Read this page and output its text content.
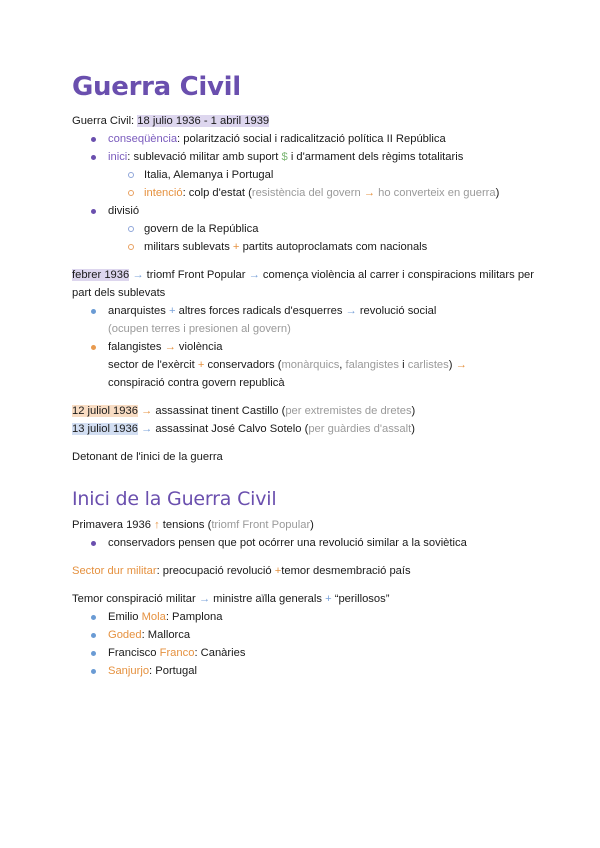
Guerra Civil

Guerra Civil: 18 julio 1936 - 1 abril 1939

conseqüència: polarització social i radicalització política II República
inici: sublevació militar amb suport $ i d'armament dels règims totalitaris
Italia, Alemanya i Portugal
intenció: colp d'estat (resistència del govern → ho converteix en guerra)
divisió
govern de la República
militars sublevats + partits autoproclamats com nacionals

febrer 1936 → triomf Front Popular → comença violència al carrer i conspiracions militars per part dels sublevats

anarquistes + altres forces radicals d'esquerres → revolució social
(ocupen terres i presionen al govern)
falangistes → violència
sector de l'exèrcit + conservadors (monàrquics, falangistes i carlistes) →
conspiració contra govern republicà

12 juliol 1936 → assassinat tinent Castillo (per extremistes de dretes)

13 juliol 1936 → assassinat José Calvo Sotelo (per guàrdies d'assalt)

Detonant de l'inici de la guerra

Inici de la Guerra Civil

Primavera 1936 ↑ tensions (triomf Front Popular)

conservadors pensen que pot ocórrer una revolució similar a la soviètica

Sector dur militar: preocupació revolució +temor desmembració país

Temor conspiració militar → ministre aïlla generals + “perillosos”

Emilio Mola: Pamplona
Goded: Mallorca
Francisco Franco: Canàries
Sanjurjo: Portugal
